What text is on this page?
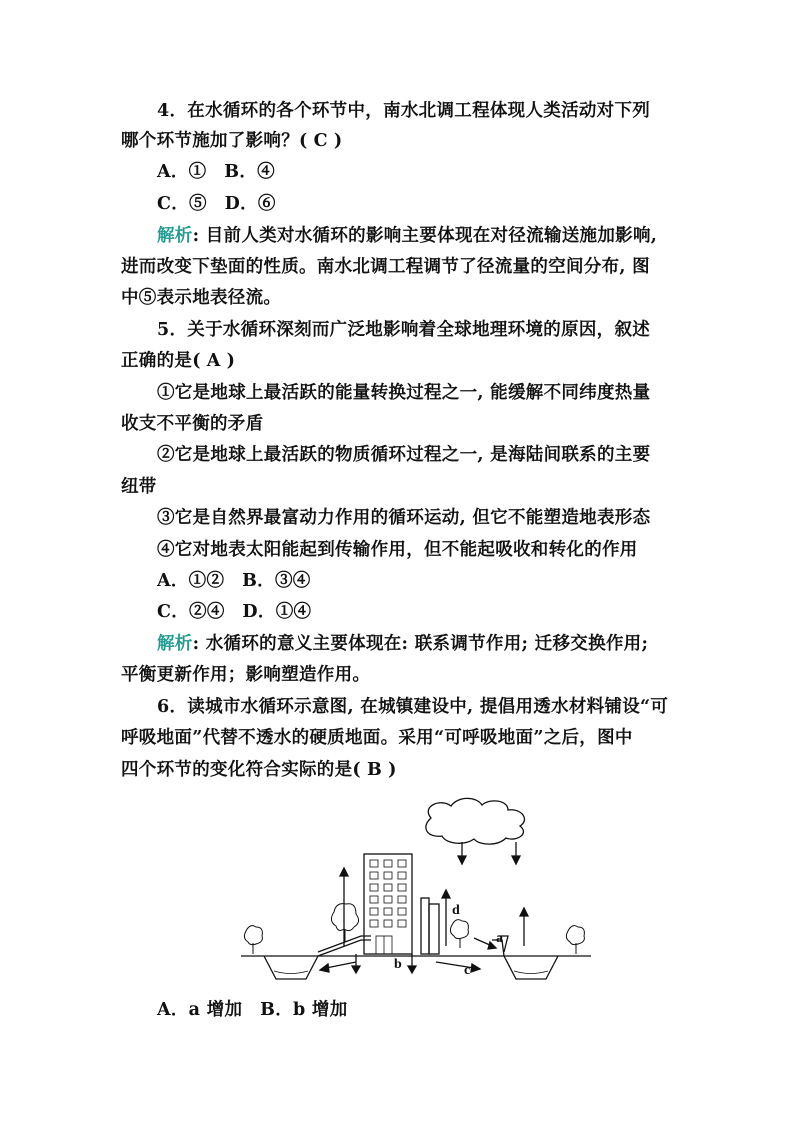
4．在水循环的各个环节中，南水北调工程体现人类活动对下列
哪个环节施加了影响？( C )
A．①　B．④
C．⑤　D．⑥
解析: 目前人类对水循环的影响主要体现在对径流输送施加影响,
进而改变下垫面的性质。南水北调工程调节了径流量的空间分布, 图
中⑤表示地表径流。
5．关于水循环深刻而广泛地影响着全球地理环境的原因，叙述
正确的是( A )
①它是地球上最活跃的能量转换过程之一, 能缓解不同纬度热量
收支不平衡的矛盾
②它是地球上最活跃的物质循环过程之一, 是海陆间联系的主要
纽带
③它是自然界最富动力作用的循环运动, 但它不能塑造地表形态
④它对地表太阳能起到传输作用，但不能起吸收和转化的作用
A．①②　B．③④
C．②④　D．①④
解析: 水循环的意义主要体现在: 联系调节作用; 迁移交换作用;
平衡更新作用；影响塑造作用。
6．读城市水循环示意图, 在城镇建设中, 提倡用透水材料铺设“可
呼吸地面”代替不透水的硬质地面。采用“可呼吸地面”之后，图中
四个环节的变化符合实际的是( B )
d
a
b	c
A．a 增加　B．b 增加
